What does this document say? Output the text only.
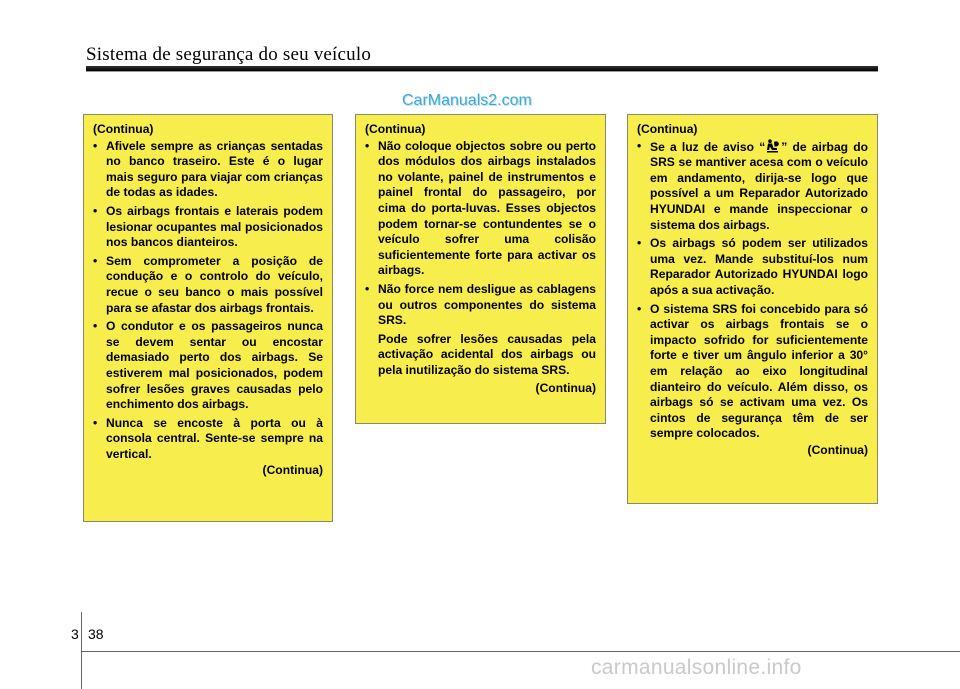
Sistema de segurança do seu veículo
CarManuals2.com
(Continua)
• Afivele sempre as crianças sentadas no banco traseiro. Este é o lugar mais seguro para viajar com crianças de todas as idades.
• Os airbags frontais e laterais podem lesionar ocupantes mal posicionados nos bancos dianteiros.
• Sem comprometer a posição de condução e o controlo do veículo, recue o seu banco o mais possível para se afastar dos airbags frontais.
• O condutor e os passageiros nunca se devem sentar ou encostar demasiado perto dos airbags. Se estiverem mal posicionados, podem sofrer lesões graves causadas pelo enchimento dos airbags.
• Nunca se encoste à porta ou à consola central. Sente-se sempre na vertical.
(Continua)
(Continua)
• Não coloque objectos sobre ou perto dos módulos dos airbags instalados no volante, painel de instrumentos e painel frontal do passageiro, por cima do porta-luvas. Esses objectos podem tornar-se contundentes se o veículo sofrer uma colisão suficientemente forte para activar os airbags.
• Não force nem desligue as cablagens ou outros componentes do sistema SRS.
Pode sofrer lesões causadas pela activação acidental dos airbags ou pela inutilização do sistema SRS.
(Continua)
(Continua)
• Se a luz de aviso “ ” de airbag do SRS se mantiver acesa com o veículo em andamento, dirija-se logo que possível a um Reparador Autorizado HYUNDAI e mande inspeccionar o sistema dos airbags.
• Os airbags só podem ser utilizados uma vez. Mande substituí-los num Reparador Autorizado HYUNDAI logo após a sua activação.
• O sistema SRS foi concebido para só activar os airbags frontais se o impacto sofrido for suficientemente forte e tiver um ângulo inferior a 30° em relação ao eixo longitudinal dianteiro do veículo. Além disso, os airbags só se activam uma vez. Os cintos de segurança têm de ser sempre colocados.
(Continua)
3 38
carmanualsonline.info
